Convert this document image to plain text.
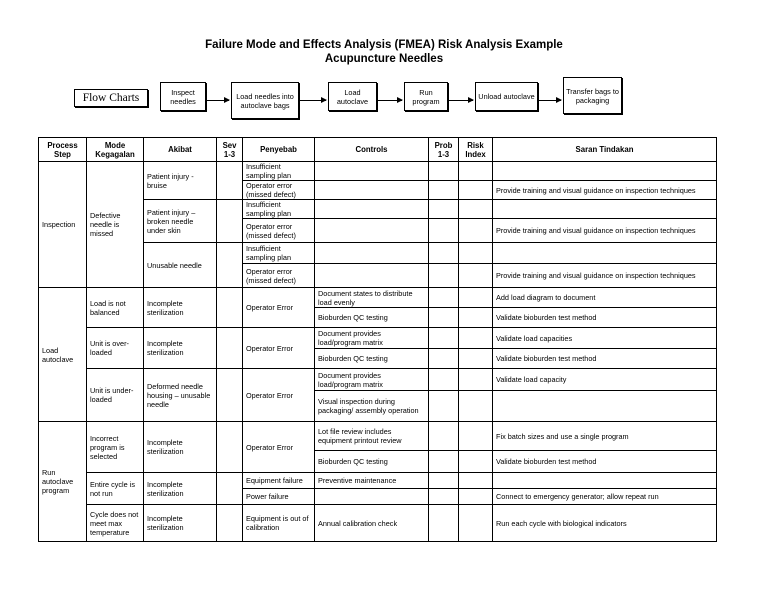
Failure Mode and Effects Analysis (FMEA) Risk Analysis Example
Acupuncture Needles
Flow Charts	Inspect needles
Load needles into autoclave bags
Load autoclave
Run program	Unload autoclave
Transfer bags to packaging
Process Step	Mode Kegagalan	Akibat	Sev 1-3	Penyebab	Controls	Prob 1-3	Risk Index	Saran Tindakan
Inspection	Defective needle is missed	Patient injury - bruise		Insufficient sampling plan				
				Operator error (missed defect)				Provide training and visual guidance on inspection techniques
		Patient injury – broken needle under skin		Insufficient sampling plan				
				Operator error (missed defect)				Provide training and visual guidance on inspection techniques
		Unusable needle		Insufficient sampling plan				
				Operator error (missed defect)				Provide training and visual guidance on inspection techniques
Load autoclave	Load is not balanced	Incomplete sterilization		Operator Error	Document states to distribute load evenly			Add load diagram to document
					Bioburden QC testing			Validate bioburden test method
	Unit is over-loaded	Incomplete sterilization		Operator Error	Document provides load/program matrix			Validate load capacities
					Bioburden QC testing			Validate bioburden test method
	Unit is under-loaded	Deformed needle housing – unusable needle		Operator Error	Document provides load/program matrix			Validate load capacity
					Visual inspection during packaging/ assembly operation			
Run autoclave program	Incorrect program is selected	Incomplete sterilization		Operator Error	Lot file review includes equipment printout review			Fix batch sizes and use a single program
					Bioburden QC testing			Validate bioburden test method
	Entire cycle is not run	Incomplete sterilization		Equipment failure	Preventive maintenance			
				Power failure				Connect to emergency generator; allow repeat run
	Cycle does not meet max temperature	Incomplete sterilization		Equipment is out of calibration	Annual calibration check			Run each cycle with biological indicators
